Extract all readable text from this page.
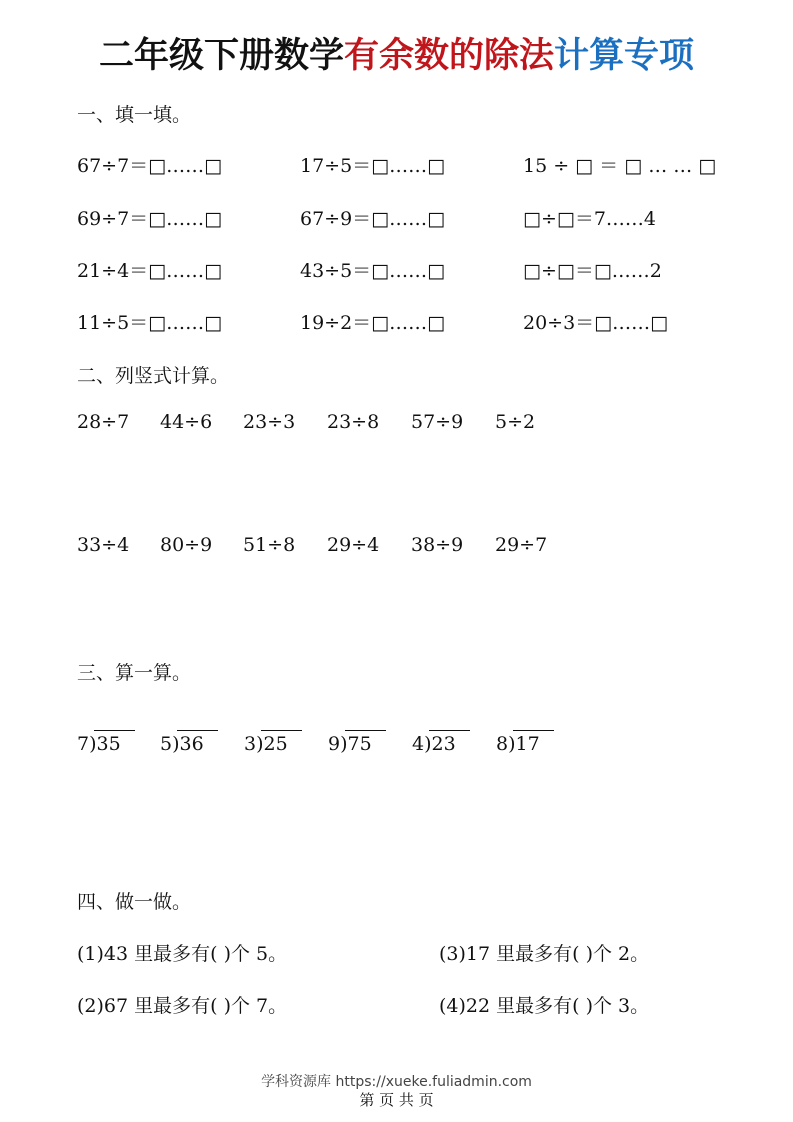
二年级下册数学有余数的除法计算专项
一、填一填。
67÷7＝□……□	17÷5＝□……□	15 ÷ □ ＝ □ … … □
69÷7＝□……□	67÷9＝□……□	□÷□＝7……4
21÷4＝□……□	43÷5＝□……□	□÷□＝□……2
11÷5＝□……□	19÷2＝□……□	20÷3＝□……□
二、列竖式计算。
28÷7 44÷6 23÷3 23÷8 57÷9 5÷2
33÷4 80÷9 51÷8 29÷4 38÷9 29÷7
三、算一算。
7)35	5)36	3)25	9)75	4)23	8)17
四、做一做。
(1)43 里最多有( )个 5。	(3)17 里最多有( )个 2。
(2)67 里最多有( )个 7。	(4)22 里最多有( )个 3。
学科资源库 https://xueke.fuliadmin.com
第 页 共 页
